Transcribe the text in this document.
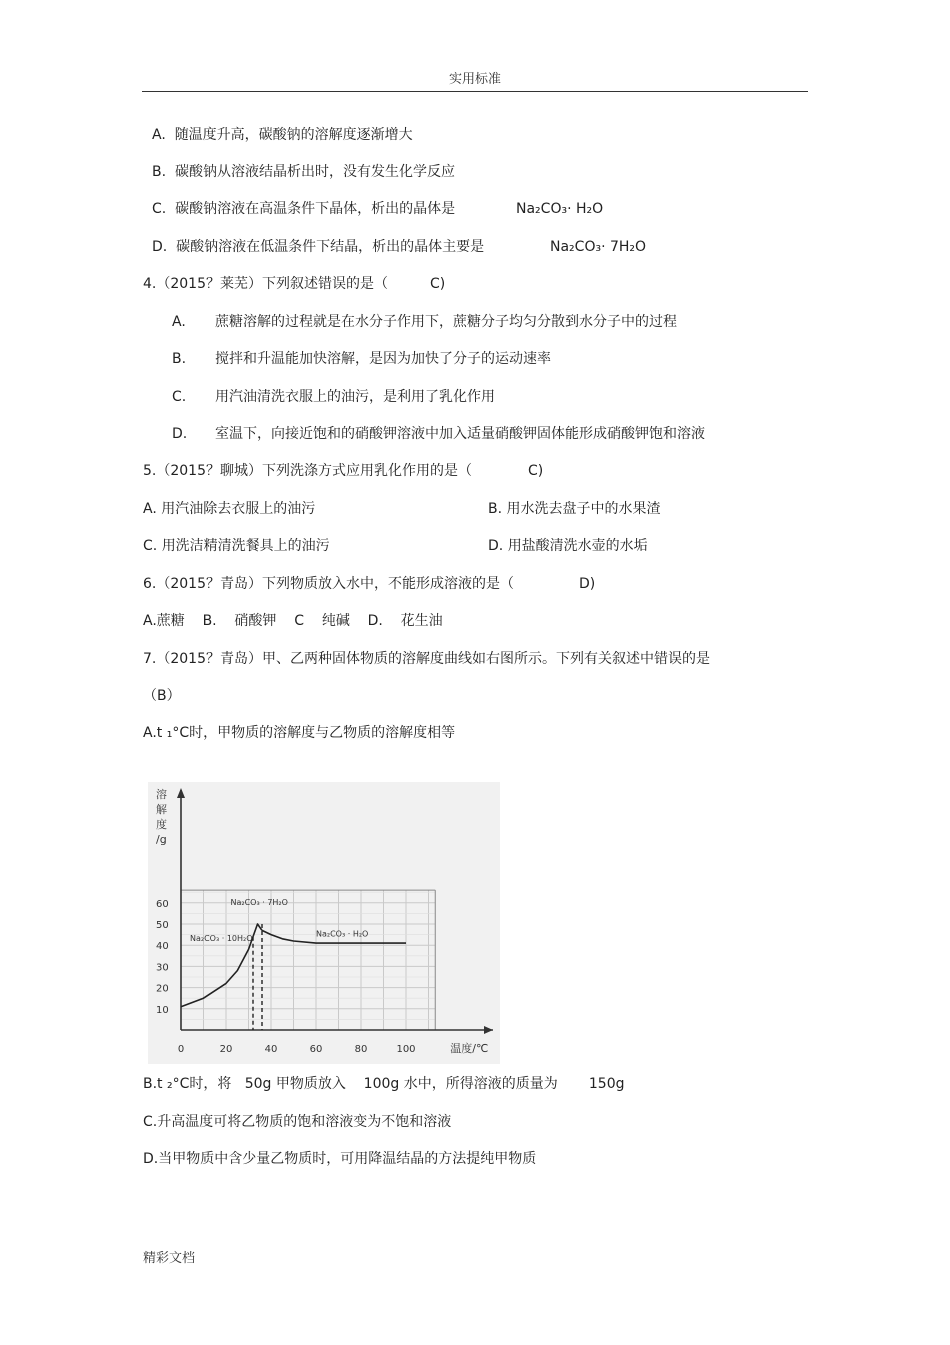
实用标准
A. 随温度升高，碳酸钠的溶解度逐渐增大
B. 碳酸钠从溶液结晶析出时，没有发生化学反应
C. 碳酸钠溶液在高温条件下晶体，析出的晶体是	Na₂CO₃· H₂O
D. 碳酸钠溶液在低温条件下结晶，析出的晶体主要是	Na₂CO₃· 7H₂O
4.（2015？莱芜）下列叙述错误的是（	C)
A. 蔗糖溶解的过程就是在水分子作用下，蔗糖分子均匀分散到水分子中的过程
B. 搅拌和升温能加快溶解，是因为加快了分子的运动速率
C. 用汽油清洗衣服上的油污，是利用了乳化作用
D. 室温下，向接近饱和的硝酸钾溶液中加入适量硝酸钾固体能形成硝酸钾饱和溶液
5.（2015？聊城）下列洗涤方式应用乳化作用的是（	C)
A. 用汽油除去衣服上的油污	B. 用水洗去盘子中的水果渣
C. 用洗洁精清洗餐具上的油污	D. 用盐酸清洗水壶的水垢
6.（2015？青岛）下列物质放入水中，不能形成溶液的是（	D)
A.蔗糖    B.    硝酸钾    C    纯碱    D.    花生油
7.（2015？青岛）甲、乙两种固体物质的溶解度曲线如右图所示。下列有关叙述中错误的是
（B）
A.t ₁°C时，甲物质的溶解度与乙物质的溶解度相等
溶
解
度
/g
10
20
30
40
50
60
0	20	40	60	80	100	温度/℃
Na₂CO₃ · 10H₂O
Na₂CO₃ · 7H₂O
Na₂CO₃ · H₂O
B.t ₂°C时，将   50g 甲物质放入    100g 水中，所得溶液的质量为       150g
C.升高温度可将乙物质的饱和溶液变为不饱和溶液
D.当甲物质中含少量乙物质时，可用降温结晶的方法提纯甲物质
精彩文档
